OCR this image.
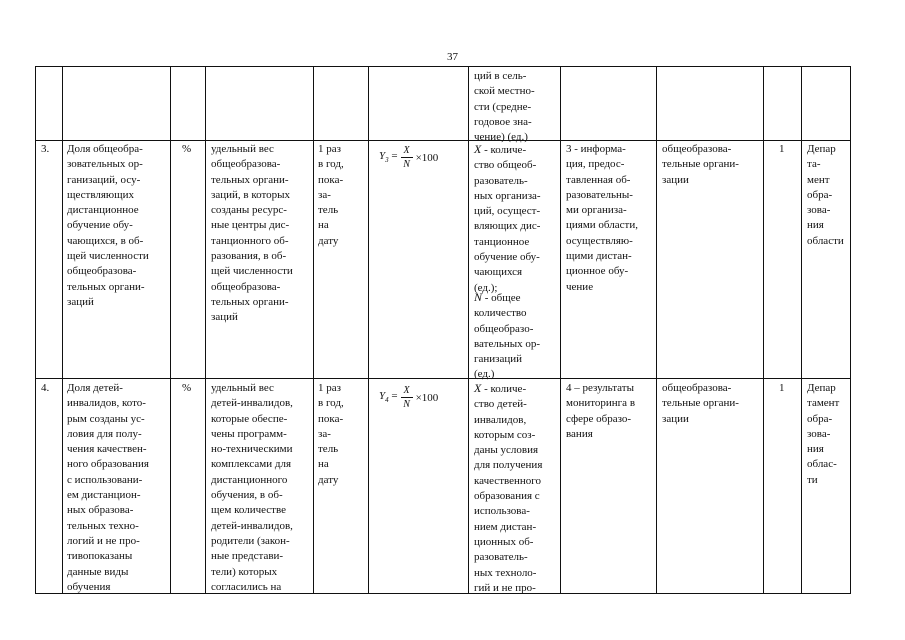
37
ций в сель-
ской местно-
сти (средне-
годовое зна-
чение) (ед.)
3. Доля общеобра-
зовательных ор-
ганизаций, осу-
ществляющих
дистанционное
обучение обу-
чающихся, в об-
щей численности
общеобразова-
тельных органи-
заций
% удельный вес
общеобразова-
тельных органи-
заций, в которых
созданы ресурс-
ные центры дис-
танционного об-
разования, в об-
щей численности
общеобразова-
тельных органи-
заций
1 раз
в год,
пока-
за-
тель
на
дату
$Y_3 = \frac{X}{N} \times 100$
X - количе-
ство общеоб-
разователь-
ных организа-
ций, осущест-
вляющих дис-
танционное
обучение обу-
чающихся
(ед.);
N - общее
количество
общеобразо-
вательных ор-
ганизаций
(ед.)
3 - информа-
ция, предос-
тавленная об-
разовательны-
ми организа-
циями области,
осуществляю-
щими дистан-
ционное обу-
чение
общеобразова-
тельные органи-
зации
1 Депар
та-
мент
обра-
зова-
ния
области
4. Доля детей-
инвалидов, кото-
рым созданы ус-
ловия для полу-
чения качествен-
ного образования
с использовани-
ем дистанцион-
ных образова-
тельных техно-
логий и не про-
тивопоказаны
данные виды
обучения
% удельный вес
детей-инвалидов,
которые обеспе-
чены программ-
но-техническими
комплексами для
дистанционного
обучения, в об-
щем количестве
детей-инвалидов,
родители (закон-
ные представи-
тели) которых
согласились на
1 раз
в год,
пока-
за-
тель
на
дату
$Y_4 = \frac{X}{N} \times 100$
X - количе-
ство детей-
инвалидов,
которым соз-
даны условия
для получения
качественного
образования с
использова-
нием дистан-
ционных об-
разователь-
ных техноло-
гий и не про-
4 – результаты
мониторинга в
сфере образо-
вания
общеобразова-
тельные органи-
зации
1 Депар
тамент
обра-
зова-
ния
облас-
ти
